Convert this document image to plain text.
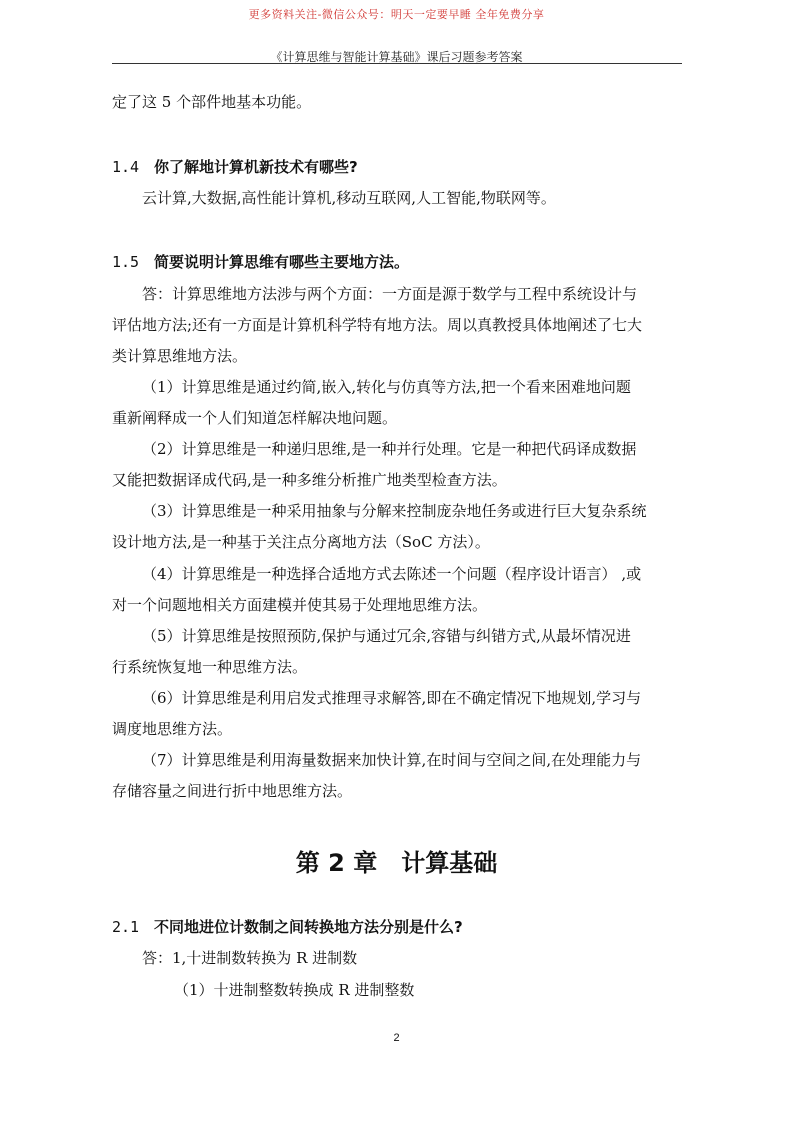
更多资料关注-微信公众号：明天一定要早睡 全年免费分享
《计算思维与智能计算基础》课后习题参考答案
定了这 5 个部件地基本功能。
1.4 你了解地计算机新技术有哪些?
云计算,大数据,高性能计算机,移动互联网,人工智能,物联网等。
1.5 简要说明计算思维有哪些主要地方法。
答：计算思维地方法涉与两个方面：一方面是源于数学与工程中系统设计与
评估地方法;还有一方面是计算机科学特有地方法。周以真教授具体地阐述了七大
类计算思维地方法。
（1）计算思维是通过约简,嵌入,转化与仿真等方法,把一个看来困难地问题
重新阐释成一个人们知道怎样解决地问题。
（2）计算思维是一种递归思维,是一种并行处理。它是一种把代码译成数据
又能把数据译成代码,是一种多维分析推广地类型检查方法。
（3）计算思维是一种采用抽象与分解来控制庞杂地任务或进行巨大复杂系统
设计地方法,是一种基于关注点分离地方法（SoC 方法）。
（4）计算思维是一种选择合适地方式去陈述一个问题（程序设计语言） ,或
对一个问题地相关方面建模并使其易于处理地思维方法。
（5）计算思维是按照预防,保护与通过冗余,容错与纠错方式,从最坏情况进
行系统恢复地一种思维方法。
（6）计算思维是利用启发式推理寻求解答,即在不确定情况下地规划,学习与
调度地思维方法。
（7）计算思维是利用海量数据来加快计算,在时间与空间之间,在处理能力与
存储容量之间进行折中地思维方法。
2.1 不同地进位计数制之间转换地方法分别是什么?
答：1,十进制数转换为 R 进制数
（1）十进制整数转换成 R 进制整数
第 2 章　计算基础
2
